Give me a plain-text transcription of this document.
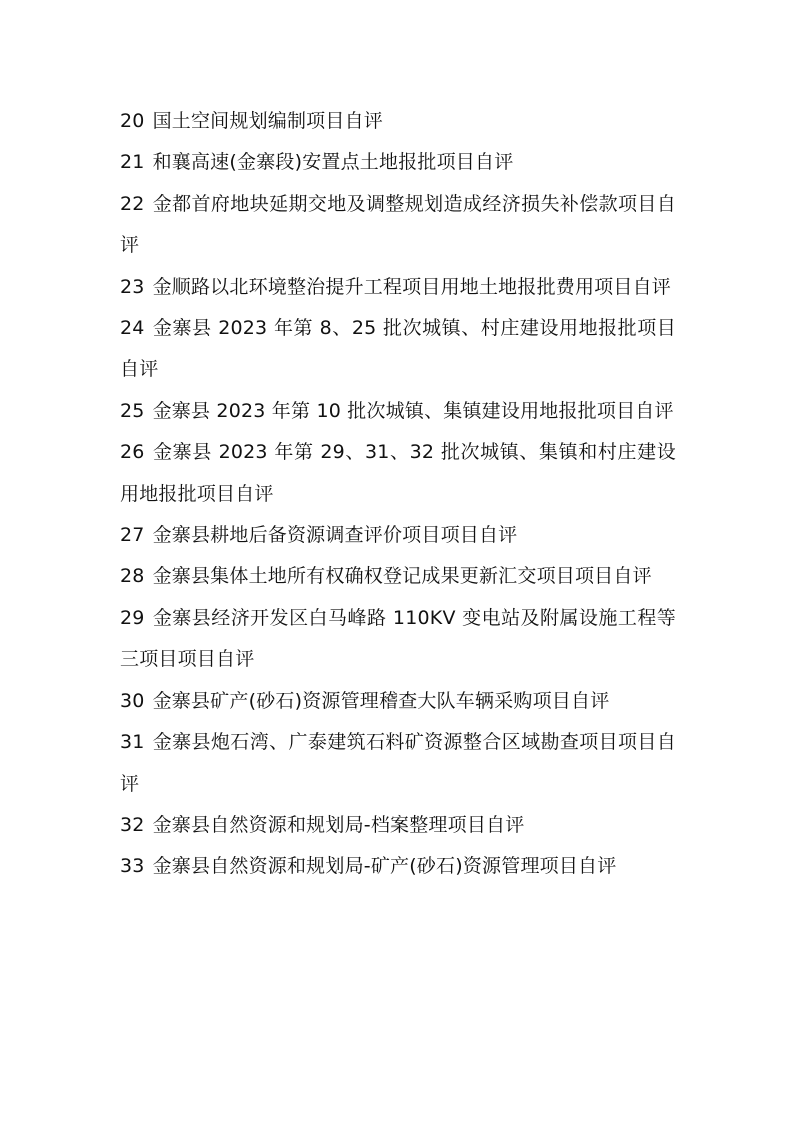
20 国土空间规划编制项目自评
21 和襄高速(金寨段)安置点土地报批项目自评
22 金都首府地块延期交地及调整规划造成经济损失补偿款项目自评
23 金顺路以北环境整治提升工程项目用地土地报批费用项目自评
24 金寨县 2023 年第 8、25 批次城镇、村庄建设用地报批项目自评
25 金寨县 2023 年第 10 批次城镇、集镇建设用地报批项目自评
26 金寨县 2023 年第 29、31、32 批次城镇、集镇和村庄建设用地报批项目自评
27 金寨县耕地后备资源调查评价项目项目自评
28 金寨县集体土地所有权确权登记成果更新汇交项目项目自评
29 金寨县经济开发区白马峰路 110KV 变电站及附属设施工程等三项目项目自评
30 金寨县矿产(砂石)资源管理稽查大队车辆采购项目自评
31 金寨县炮石湾、广泰建筑石料矿资源整合区域勘查项目项目自评
32 金寨县自然资源和规划局-档案整理项目自评
33 金寨县自然资源和规划局-矿产(砂石)资源管理项目自评
